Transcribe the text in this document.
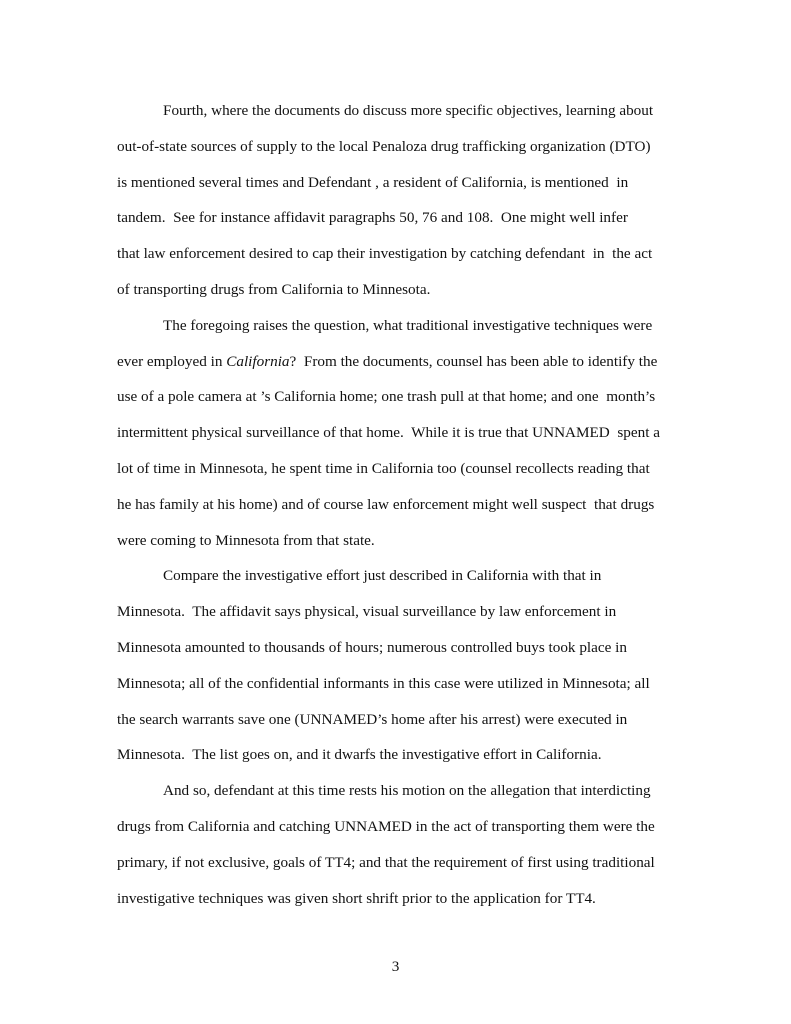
Fourth, where the documents do discuss more specific objectives, learning about
out-of-state sources of supply to the local Penaloza drug trafficking organization (DTO)
is mentioned several times and Defendant , a resident of California, is mentioned  in
tandem.  See for instance affidavit paragraphs 50, 76 and 108.  One might well infer
that law enforcement desired to cap their investigation by catching defendant  in  the act
of transporting drugs from California to Minnesota.
The foregoing raises the question, what traditional investigative techniques were
ever employed in California?  From the documents, counsel has been able to identify the
use of a pole camera at ’s California home; one trash pull at that home; and one  month’s
intermittent physical surveillance of that home.  While it is true that UNNAMED  spent a
lot of time in Minnesota, he spent time in California too (counsel recollects reading that
he has family at his home) and of course law enforcement might well suspect  that drugs
were coming to Minnesota from that state.
Compare the investigative effort just described in California with that in
Minnesota.  The affidavit says physical, visual surveillance by law enforcement in
Minnesota amounted to thousands of hours; numerous controlled buys took place in
Minnesota; all of the confidential informants in this case were utilized in Minnesota; all
the search warrants save one (UNNAMED’s home after his arrest) were executed in
Minnesota.  The list goes on, and it dwarfs the investigative effort in California.
And so, defendant at this time rests his motion on the allegation that interdicting
drugs from California and catching UNNAMED in the act of transporting them were the
primary, if not exclusive, goals of TT4; and that the requirement of first using traditional
investigative techniques was given short shrift prior to the application for TT4.
3
